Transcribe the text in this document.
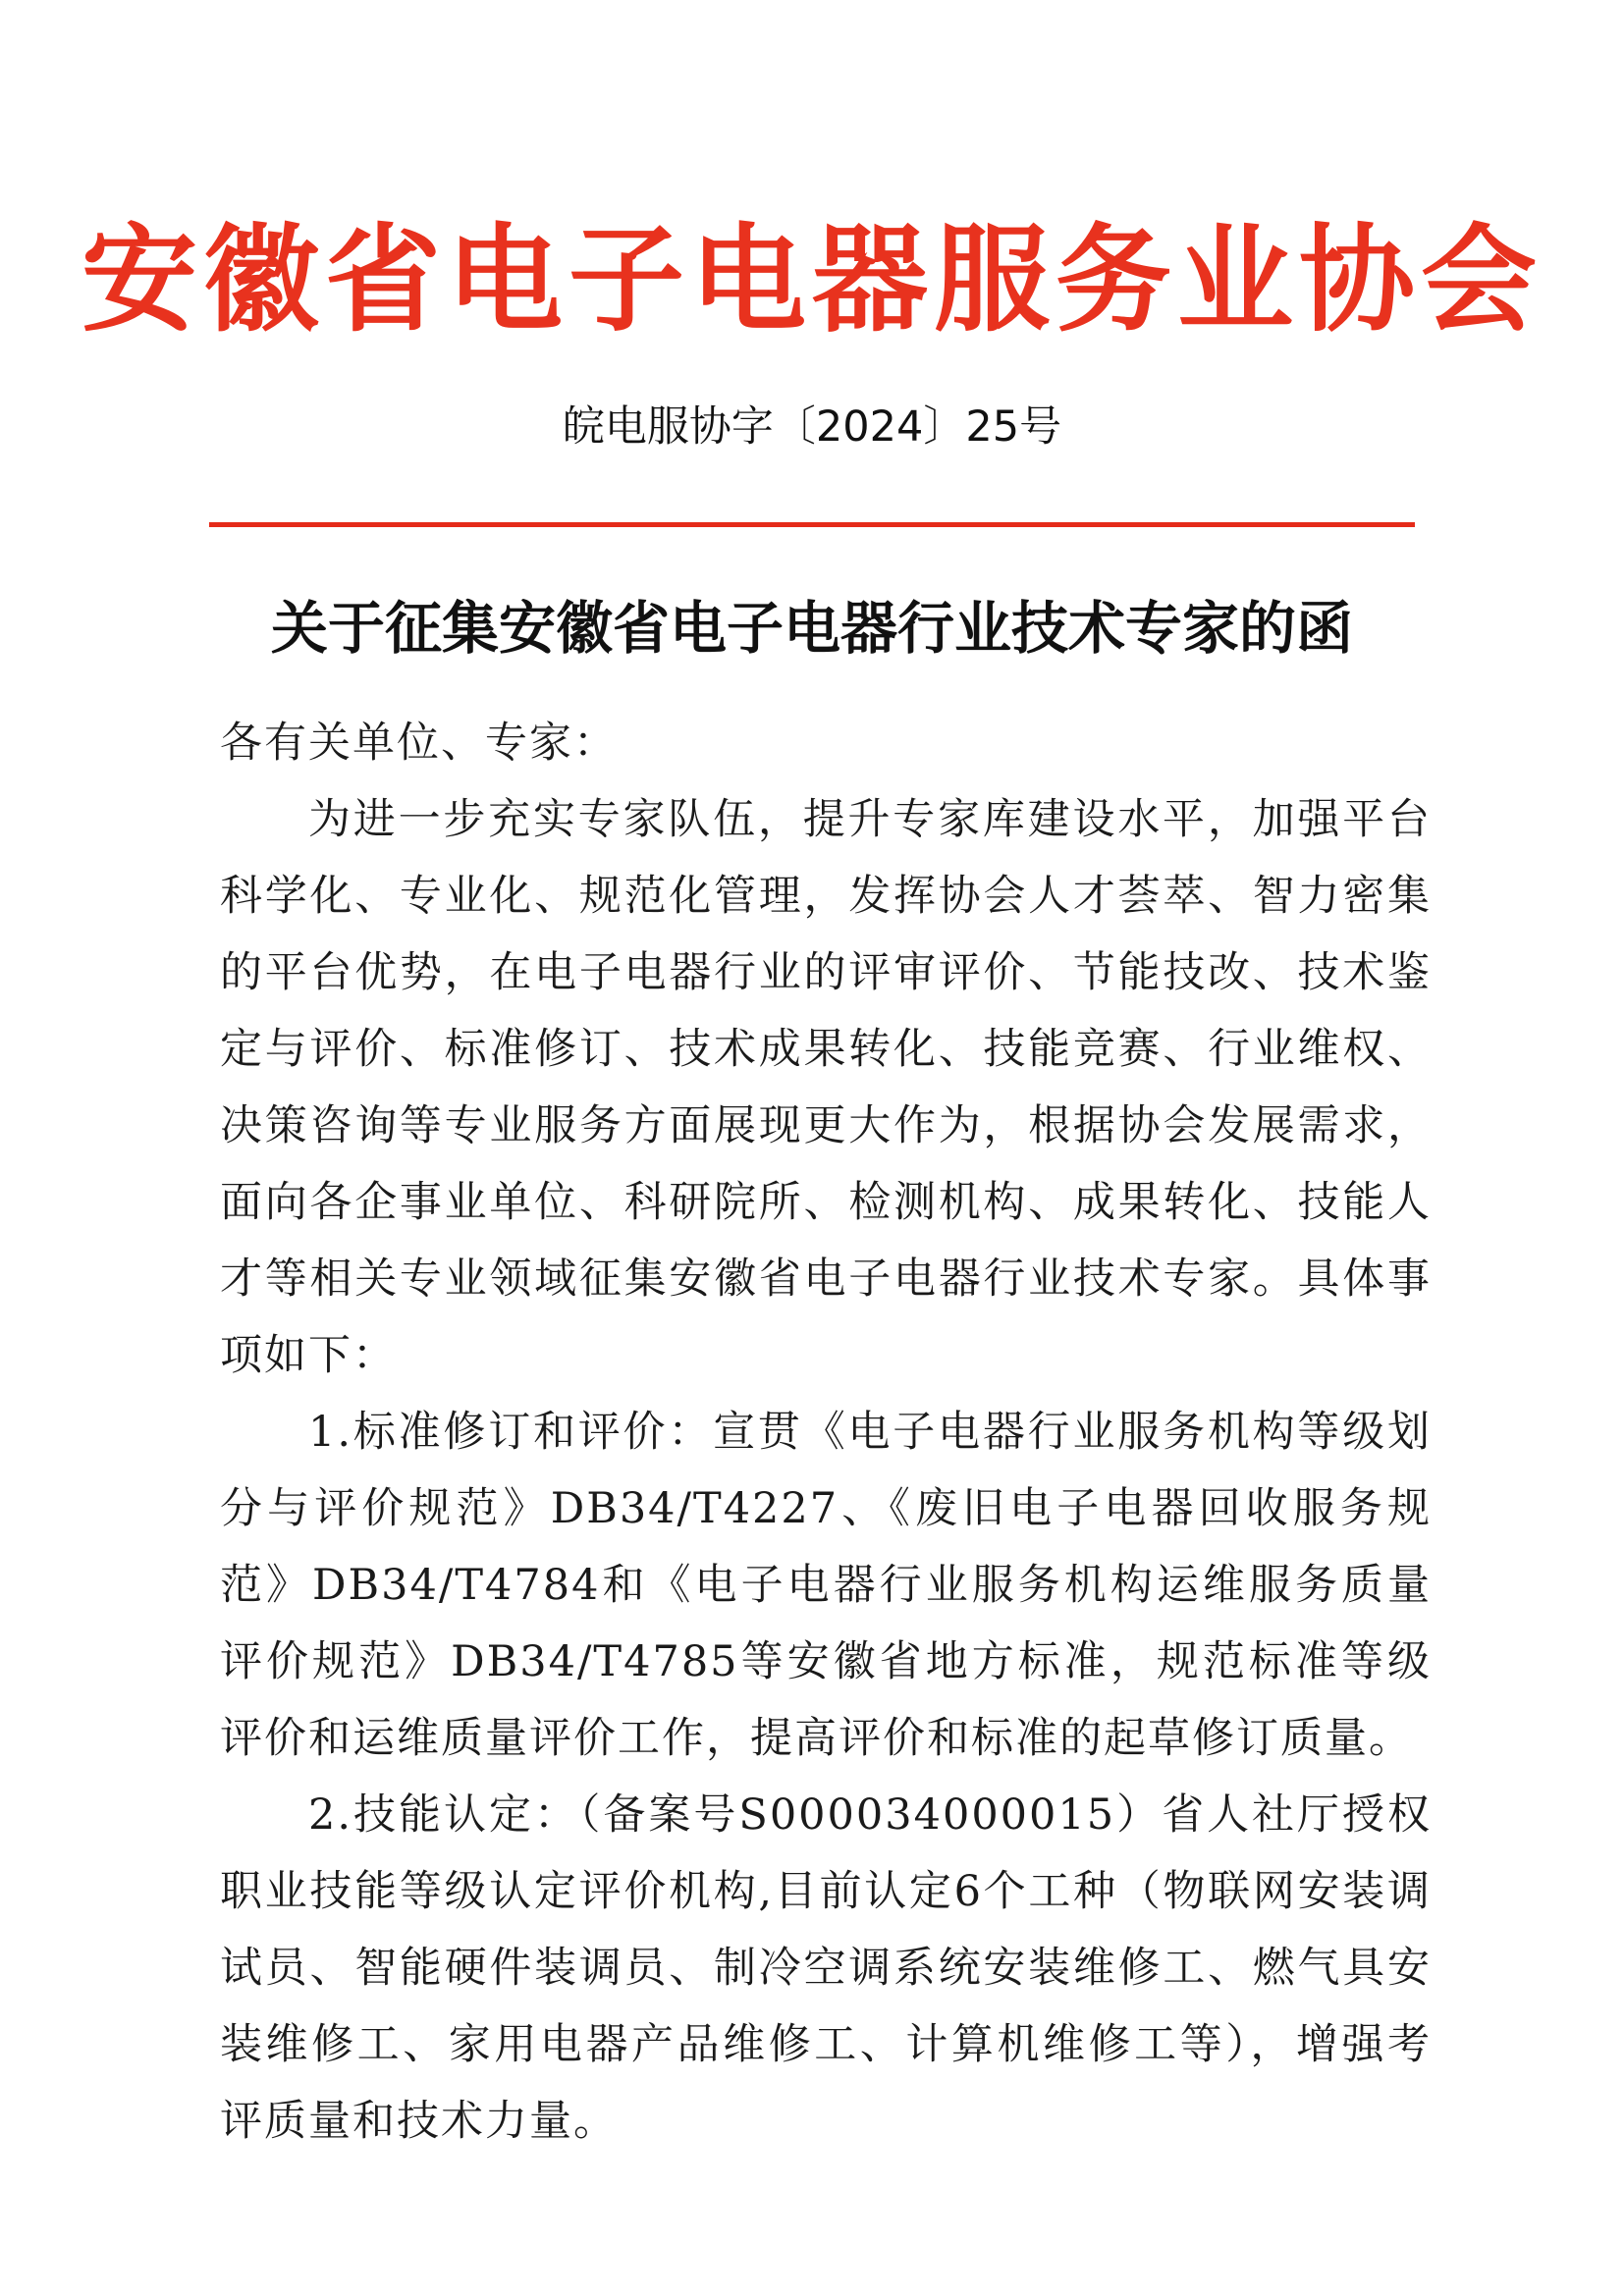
安徽省电子电器服务业协会
皖电服协字〔2024〕25号
关于征集安徽省电子电器行业技术专家的函

各有关单位、专家：

为进一步充实专家队伍，提升专家库建设水平，加强平台科学化、专业化、规范化管理，发挥协会人才荟萃、智力密集的平台优势，在电子电器行业的评审评价、节能技改、技术鉴定与评价、标准修订、技术成果转化、技能竞赛、行业维权、决策咨询等专业服务方面展现更大作为，根据协会发展需求，面向各企事业单位、科研院所、检测机构、成果转化、技能人才等相关专业领域征集安徽省电子电器行业技术专家。具体事项如下：

1.标准修订和评价：宣贯《电子电器行业服务机构等级划分与评价规范》DB34/T4227、《废旧电子电器回收服务规范》DB34/T4784和《电子电器行业服务机构运维服务质量评价规范》DB34/T4785等安徽省地方标准，规范标准等级评价和运维质量评价工作，提高评价和标准的起草修订质量。

2.技能认定：（备案号S000034000015）省人社厅授权职业技能等级认定评价机构,目前认定6个工种（物联网安装调试员、智能硬件装调员、制冷空调系统安装维修工、燃气具安装维修工、家用电器产品维修工、计算机维修工等），增强考评质量和技术力量。
